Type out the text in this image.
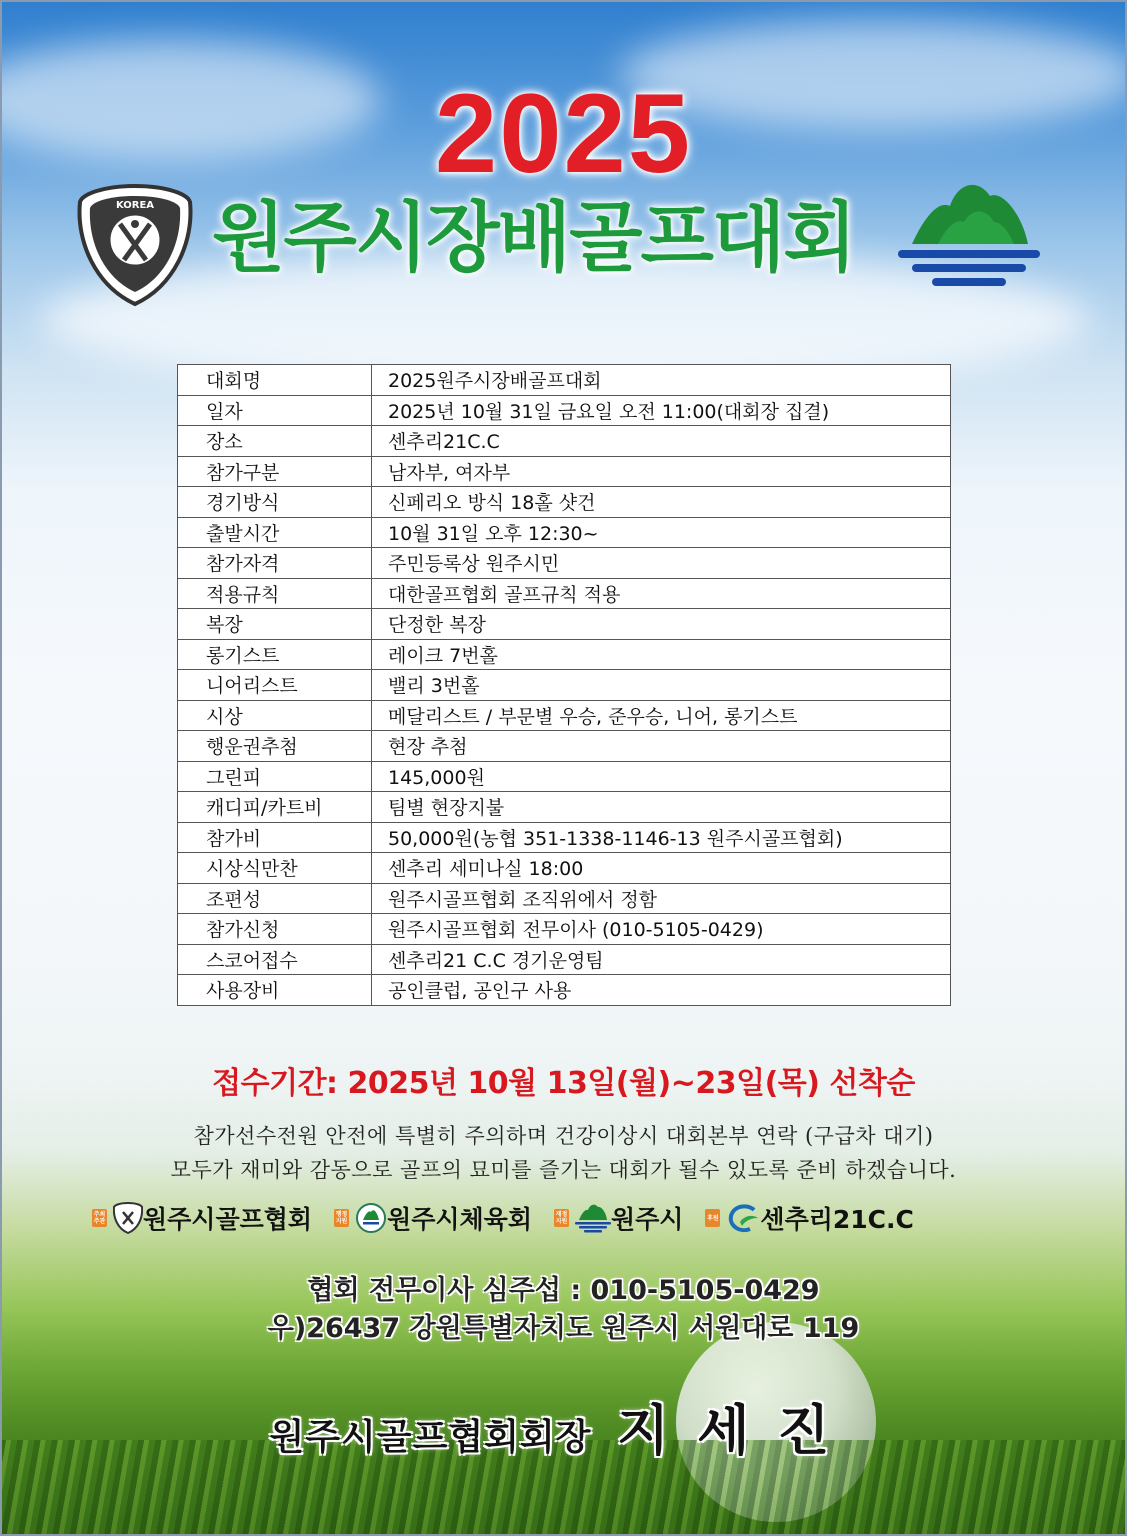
2025
KOREA 원주시장배골프대회
대회명	2025원주시장배골프대회
일자	2025년 10월 31일 금요일 오전 11:00(대회장 집결)
장소	센추리21C.C
참가구분	남자부, 여자부
경기방식	신페리오 방식 18홀 샷건
출발시간	10월 31일 오후 12:30~
참가자격	주민등록상 원주시민
적용규칙	대한골프협회 골프규칙 적용
복장	단정한 복장
롱기스트	레이크 7번홀
니어리스트	밸리 3번홀
시상	메달리스트 / 부문별 우승, 준우승, 니어, 롱기스트
행운권추첨	현장 추첨
그린피	145,000원
캐디피/카트비	팀별 현장지불
참가비	50,000원(농협 351-1338-1146-13 원주시골프협회)
시상식만찬	센추리 세미나실 18:00
조편성	원주시골프협회 조직위에서 정함
참가신청	원주시골프협회 전무이사 (010-5105-0429)
스코어접수	센추리21 C.C 경기운영팀
사용장비	공인클럽, 공인구 사용
접수기간: 2025년 10월 13일(월)~23일(목) 선착순
참가선수전원 안전에 특별히 주의하며 건강이상시 대회본부 연락 (구급차 대기)
모두가 재미와 감동으로 골프의 묘미를 즐기는 대회가 될수 있도록 준비 하겠습니다.
주최 주관 원주시골프협회	행정 지원 원주시체육회	재정 지원 원주시	후원 센추리21C.C
협회 전무이사 심주섭 : 010-5105-0429
우)26437 강원특별자치도 원주시 서원대로 119
원주시골프협회회장 지세진
